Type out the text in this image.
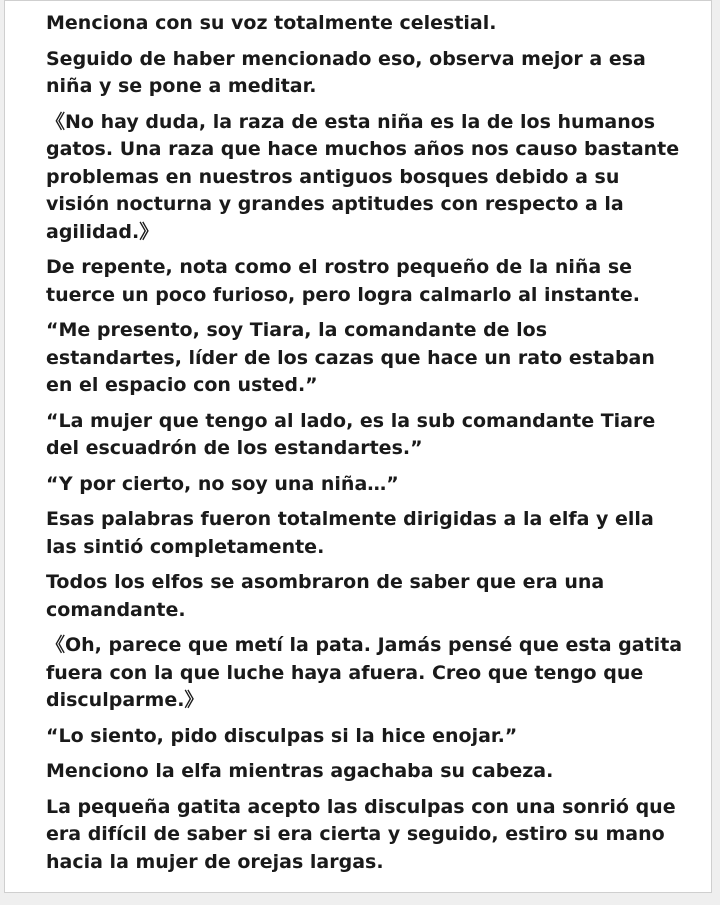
Menciona con su voz totalmente celestial.

Seguido de haber mencionado eso, observa mejor a esa niña y se pone a meditar.

《No hay duda, la raza de esta niña es la de los humanos gatos. Una raza que hace muchos años nos causo bastante problemas en nuestros antiguos bosques debido a su visión nocturna y grandes aptitudes con respecto a la agilidad.》

De repente, nota como el rostro pequeño de la niña se tuerce un poco furioso, pero logra calmarlo al instante.

“Me presento, soy Tiara, la comandante de los estandartes, líder de los cazas que hace un rato estaban en el espacio con usted.”

“La mujer que tengo al lado, es la sub comandante Tiare del escuadrón de los estandartes.”

“Y por cierto, no soy una niña…”

Esas palabras fueron totalmente dirigidas a la elfa y ella las sintió completamente.

Todos los elfos se asombraron de saber que era una comandante.

《Oh, parece que metí la pata. Jamás pensé que esta gatita fuera con la que luche haya afuera. Creo que tengo que disculparme.》

“Lo siento, pido disculpas si la hice enojar.”

Menciono la elfa mientras agachaba su cabeza.

La pequeña gatita acepto las disculpas con una sonrió que era difícil de saber si era cierta y seguido, estiro su mano hacia la mujer de orejas largas.
